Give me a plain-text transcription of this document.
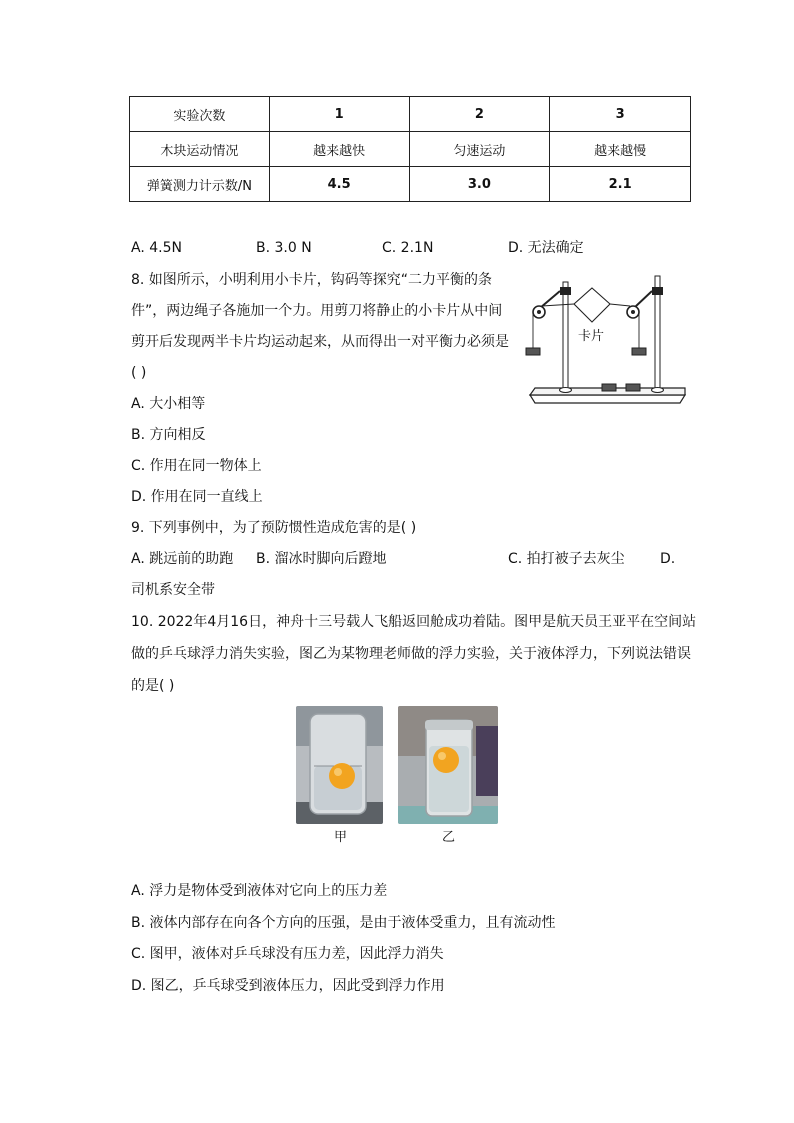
实验次数	1	2	3
木块运动情况	越来越快	匀速运动	越来越慢
弹簧测力计示数/N	4.5	3.0	2.1
A. 4.5N	B. 3.0 N	C. 2.1N	D. 无法确定
8. 如图所示，小明利用小卡片，钩码等探究“二力平衡的条
件”，两边绳子各施加一个力。用剪刀将静止的小卡片从中间
剪开后发现两半卡片均运动起来，从而得出一对平衡力必须是
( )
卡片
A. 大小相等
B. 方向相反
C. 作用在同一物体上
D. 作用在同一直线上
9. 下列事例中，为了预防惯性造成危害的是( )
A. 跳远前的助跑 B. 溜冰时脚向后蹬地	C. 拍打被子去灰尘	D.
司机系安全带
10. 2022年4月16日，神舟十三号载人飞船返回舱成功着陆。图甲是航天员王亚平在空间站
做的乒乓球浮力消失实验，图乙为某物理老师做的浮力实验，关于液体浮力，下列说法错误
的是( )
甲	乙
A. 浮力是物体受到液体对它向上的压力差
B. 液体内部存在向各个方向的压强，是由于液体受重力，且有流动性
C. 图甲，液体对乒乓球没有压力差，因此浮力消失
D. 图乙，乒乓球受到液体压力，因此受到浮力作用
